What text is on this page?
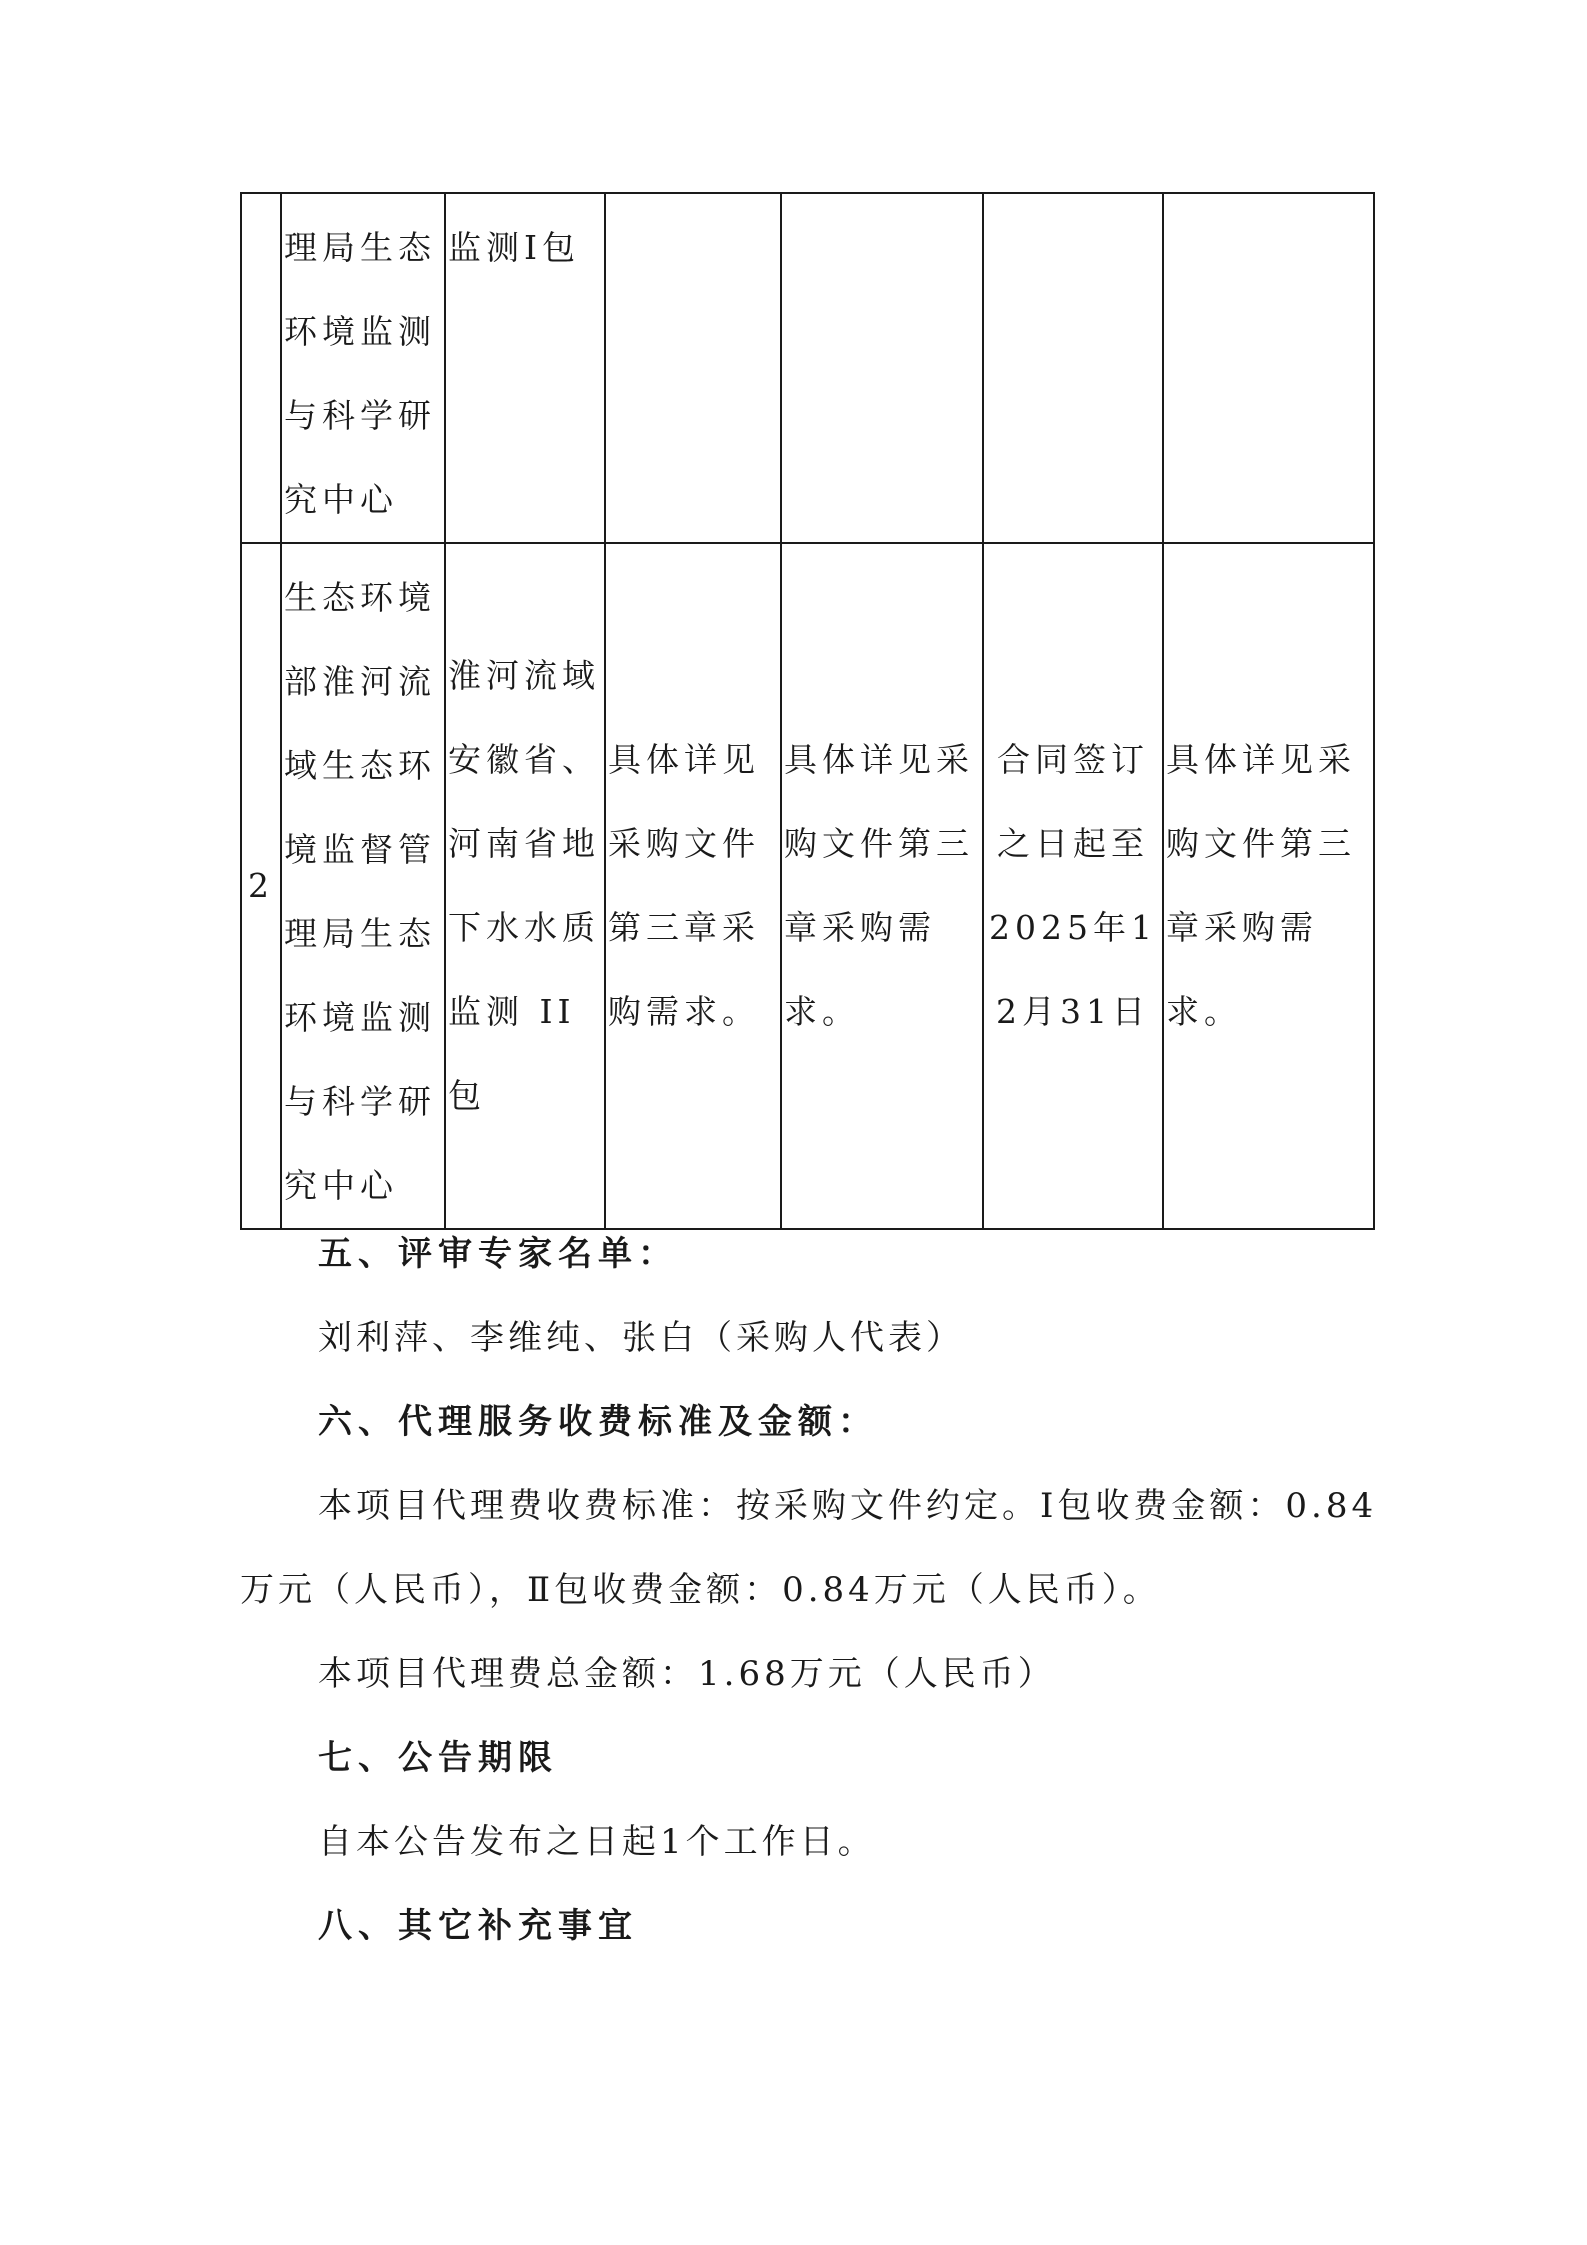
	理局生态环境监测与科学研究中心	监测Ⅰ包				
2	生态环境部淮河流域生态环境监督管理局生态环境监测与科学研究中心	淮河流域安徽省、河南省地下水水质监测 II 包	具体详见采购文件第三章采购需求。	具体详见采购文件第三章采购需求。	合同签订之日起至2025年12月31日	具体详见采购文件第三章采购需求。
五、评审专家名单：
刘利萍、李维纯、张白（采购人代表）
六、代理服务收费标准及金额：
本项目代理费收费标准：按采购文件约定。Ⅰ包收费金额：0.84
万元（人民币），Ⅱ包收费金额：0.84万元（人民币）。
本项目代理费总金额：1.68万元（人民币）
七、公告期限
自本公告发布之日起1个工作日。
八、其它补充事宜
